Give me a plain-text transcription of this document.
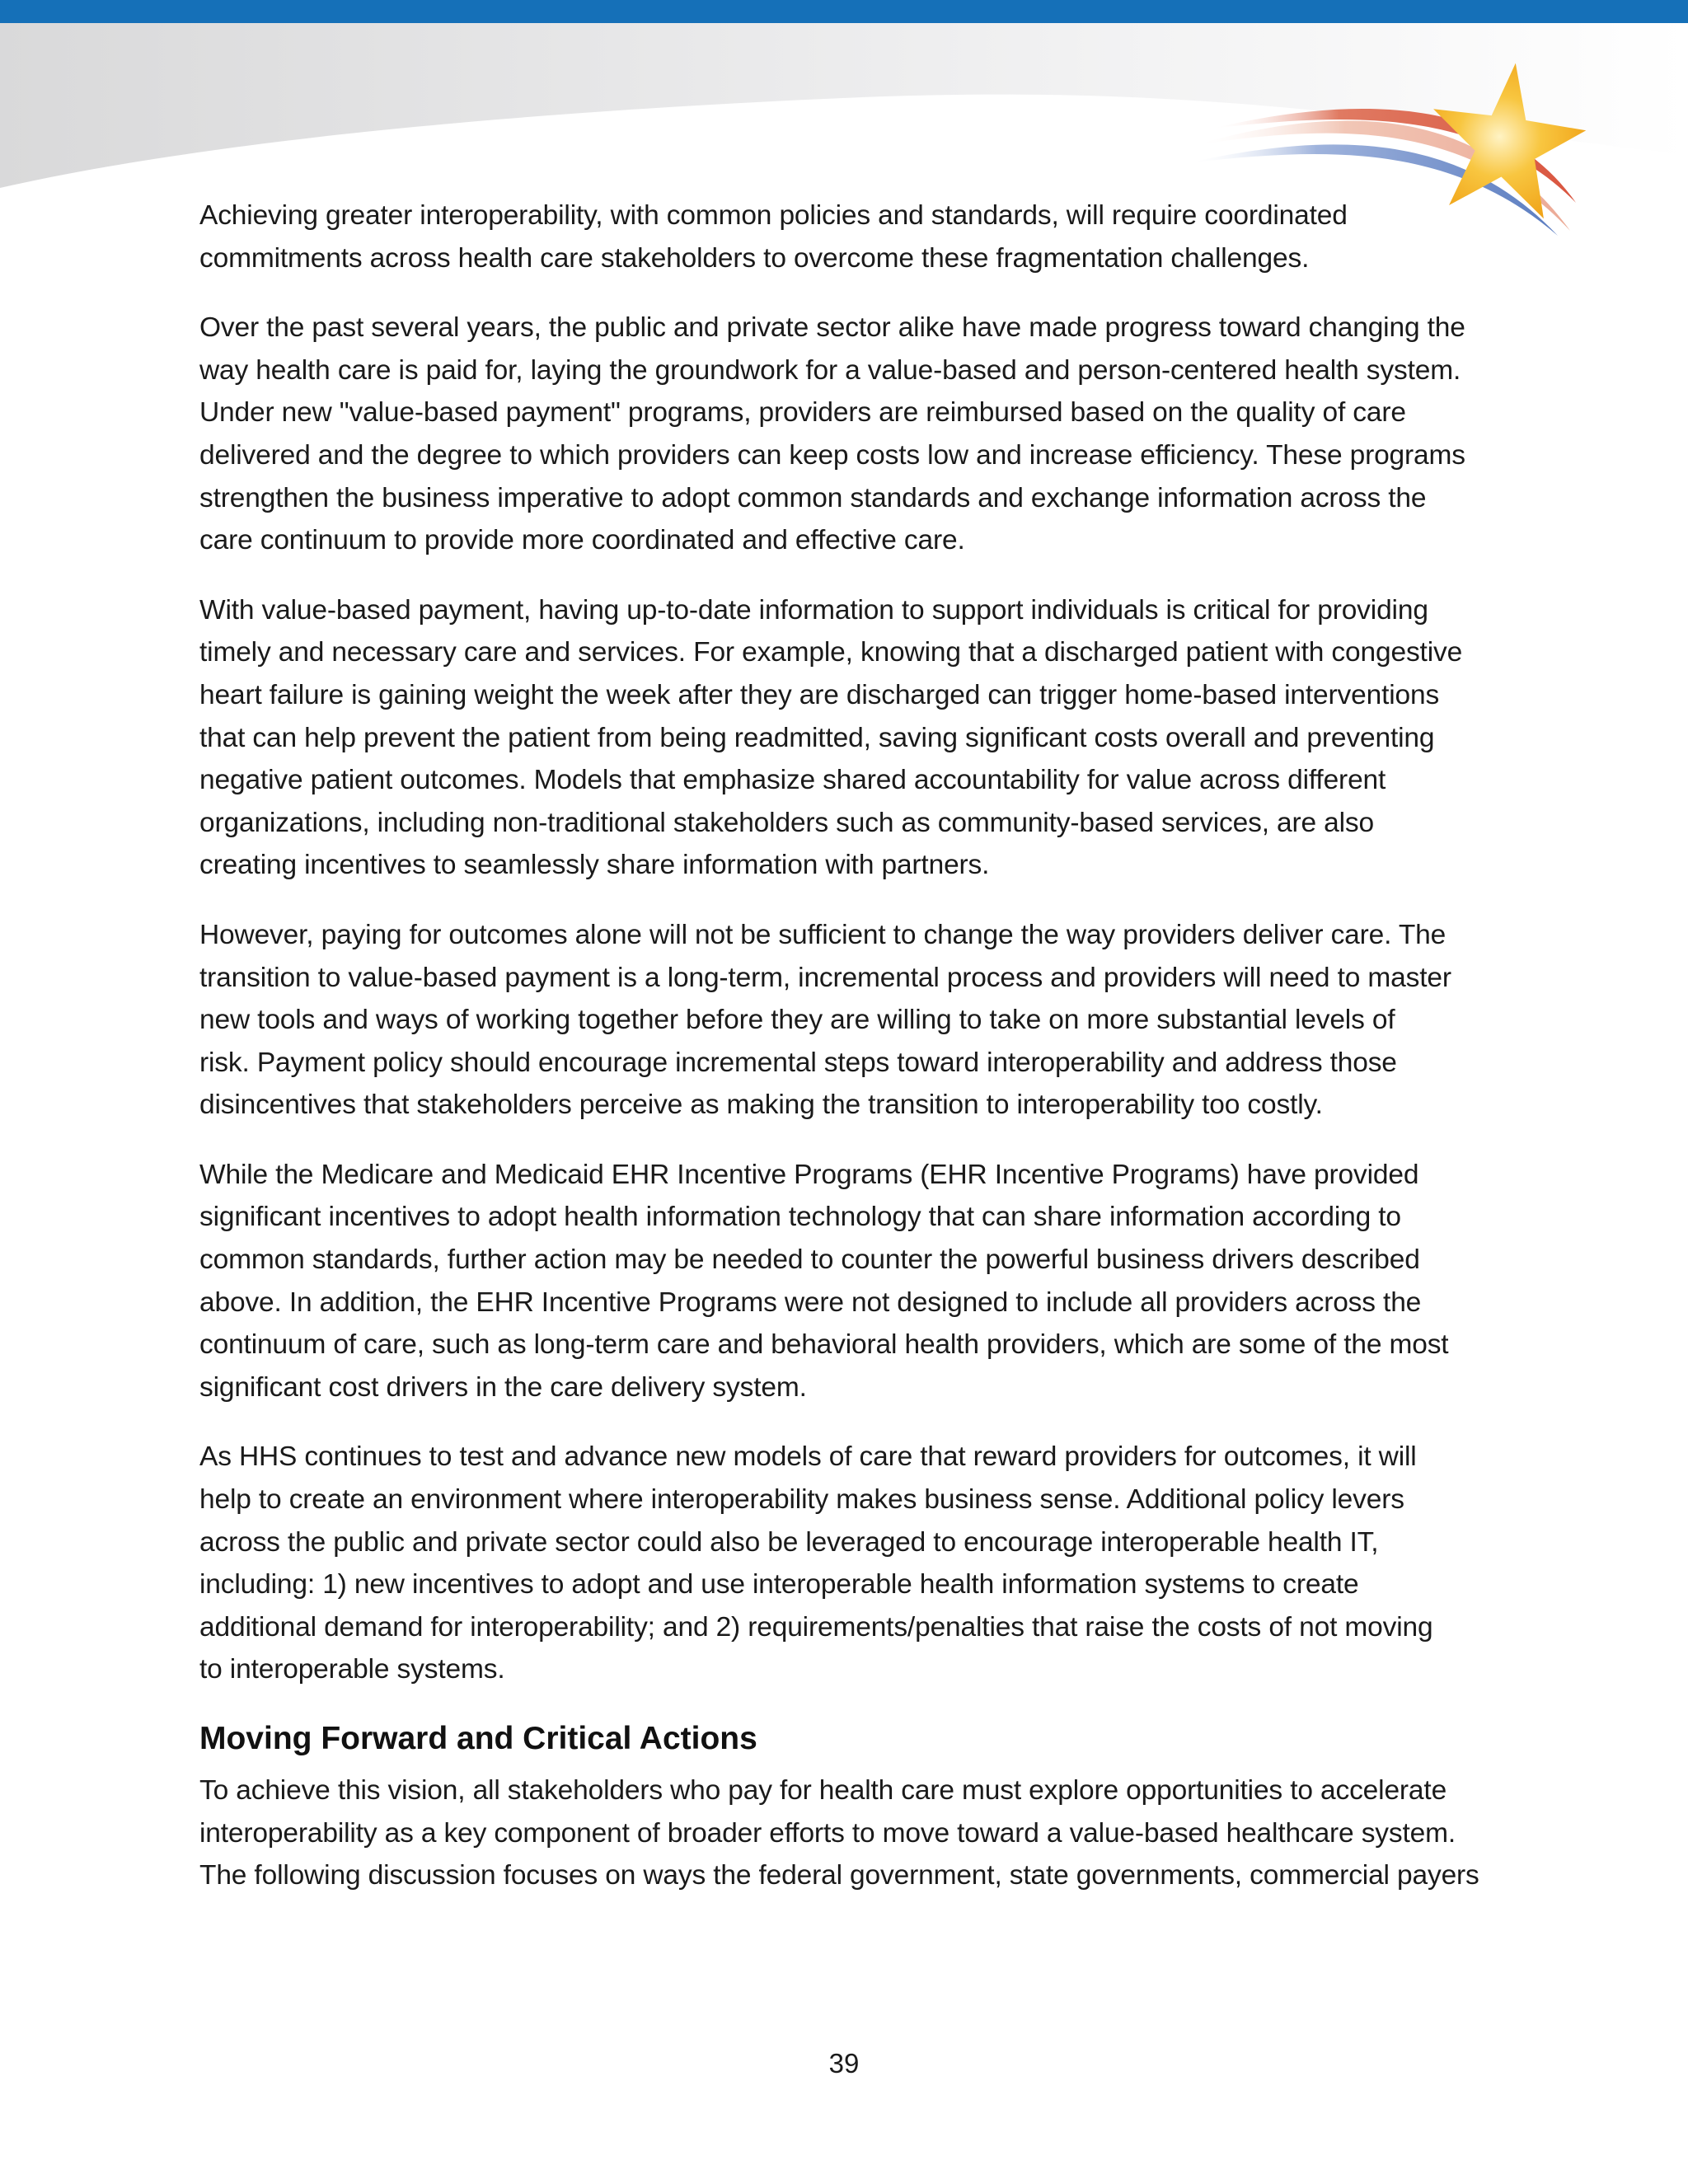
Achieving greater interoperability, with common policies and standards, will require coordinated
commitments across health care stakeholders to overcome these fragmentation challenges.

Over the past several years, the public and private sector alike have made progress toward changing the
way health care is paid for, laying the groundwork for a value-based and person-centered health system.
Under new "value-based payment" programs, providers are reimbursed based on the quality of care
delivered and the degree to which providers can keep costs low and increase efficiency. These programs
strengthen the business imperative to adopt common standards and exchange information across the
care continuum to provide more coordinated and effective care.

With value-based payment, having up-to-date information to support individuals is critical for providing
timely and necessary care and services. For example, knowing that a discharged patient with congestive
heart failure is gaining weight the week after they are discharged can trigger home-based interventions
that can help prevent the patient from being readmitted, saving significant costs overall and preventing
negative patient outcomes. Models that emphasize shared accountability for value across different
organizations, including non-traditional stakeholders such as community-based services, are also
creating incentives to seamlessly share information with partners.

However, paying for outcomes alone will not be sufficient to change the way providers deliver care. The
transition to value-based payment is a long-term, incremental process and providers will need to master
new tools and ways of working together before they are willing to take on more substantial levels of
risk. Payment policy should encourage incremental steps toward interoperability and address those
disincentives that stakeholders perceive as making the transition to interoperability too costly.

While the Medicare and Medicaid EHR Incentive Programs (EHR Incentive Programs) have provided
significant incentives to adopt health information technology that can share information according to
common standards, further action may be needed to counter the powerful business drivers described
above. In addition, the EHR Incentive Programs were not designed to include all providers across the
continuum of care, such as long-term care and behavioral health providers, which are some of the most
significant cost drivers in the care delivery system.

As HHS continues to test and advance new models of care that reward providers for outcomes, it will
help to create an environment where interoperability makes business sense. Additional policy levers
across the public and private sector could also be leveraged to encourage interoperable health IT,
including: 1) new incentives to adopt and use interoperable health information systems to create
additional demand for interoperability; and 2) requirements/penalties that raise the costs of not moving
to interoperable systems.

Moving Forward and Critical Actions

To achieve this vision, all stakeholders who pay for health care must explore opportunities to accelerate
interoperability as a key component of broader efforts to move toward a value-based healthcare system.
The following discussion focuses on ways the federal government, state governments, commercial payers

39
